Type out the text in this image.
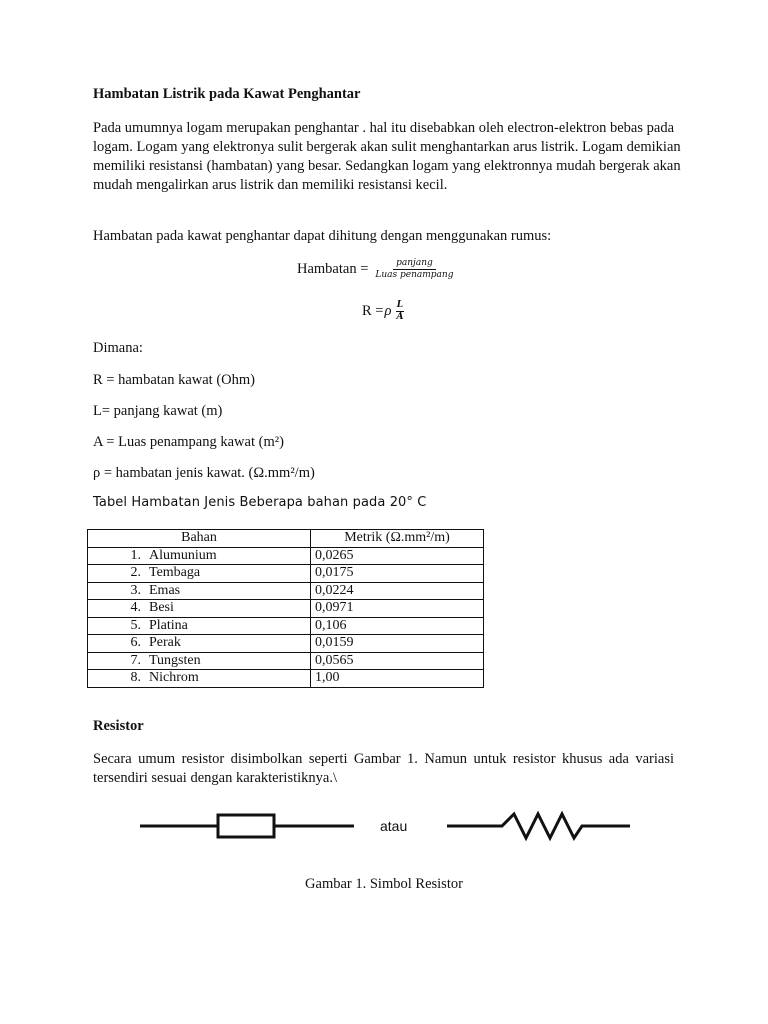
Hambatan Listrik pada Kawat Penghantar
Pada umumnya logam merupakan penghantar . hal itu disebabkan oleh electron-elektron bebas pada logam. Logam yang elektronya sulit bergerak akan sulit menghantarkan arus listrik. Logam demikian memiliki resistansi (hambatan) yang besar. Sedangkan logam yang elektronnya mudah bergerak akan mudah mengalirkan arus listrik dan memiliki resistansi kecil.
Hambatan pada kawat penghantar dapat dihitung dengan menggunakan rumus:
Hambatan = $\frac{\text{panjang}}{\text{Luas penampang}}$
R = ρ $\frac{L}{A}$
Dimana:
R = hambatan kawat (Ohm)
L= panjang kawat (m)
A = Luas penampang kawat (m²)
ρ = hambatan jenis kawat. (Ω.mm²/m)
Tabel Hambatan Jenis Beberapa bahan pada 20° C
Bahan	Metrik (Ω.mm²/m)
1. Alumunium	0,0265
2. Tembaga	0,0175
3. Emas	0,0224
4. Besi	0,0971
5. Platina	0,106
6. Perak	0,0159
7. Tungsten	0,0565
8. Nichrom	1,00
Resistor
Secara umum resistor disimbolkan seperti Gambar 1. Namun untuk resistor khusus ada variasi tersendiri sesuai dengan karakteristiknya.\
atau
Gambar 1. Simbol Resistor
